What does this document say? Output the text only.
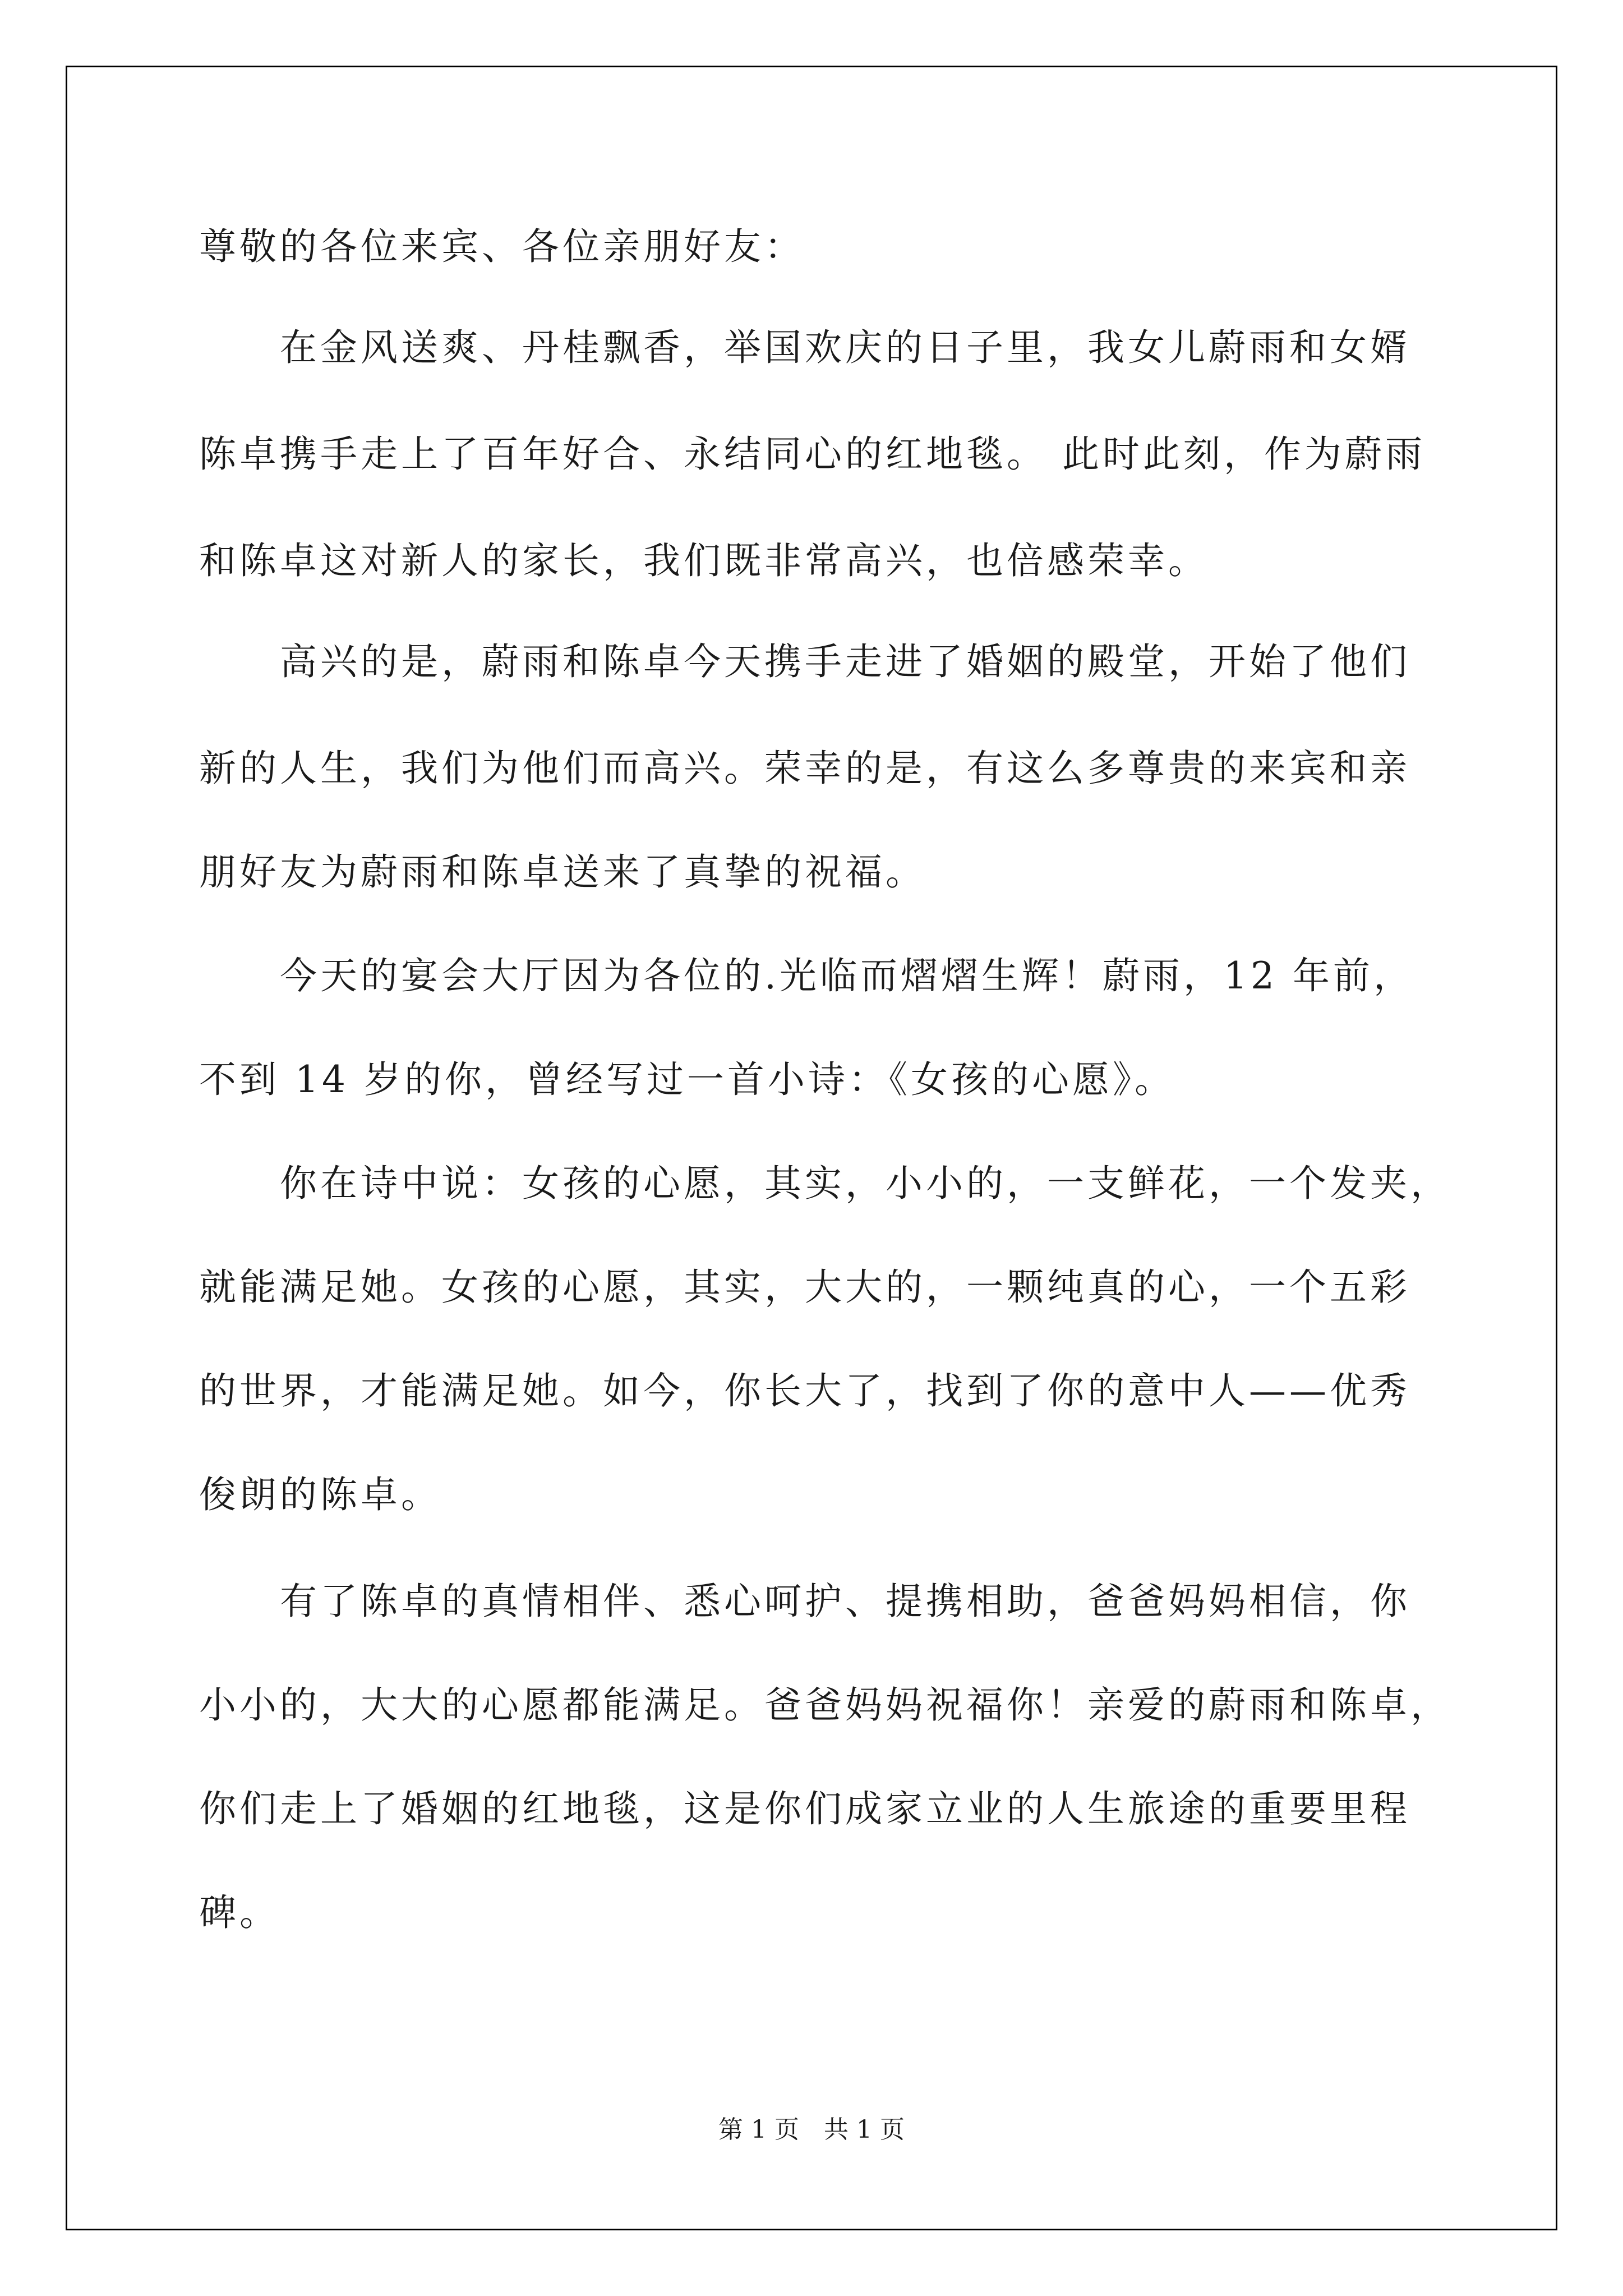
尊敬的各位来宾、各位亲朋好友：
　　在金风送爽、丹桂飘香，举国欢庆的日子里，我女儿蔚雨和女婿
陈卓携手走上了百年好合、永结同心的红地毯。 此时此刻，作为蔚雨
和陈卓这对新人的家长，我们既非常高兴，也倍感荣幸。
　　高兴的是，蔚雨和陈卓今天携手走进了婚姻的殿堂，开始了他们
新的人生，我们为他们而高兴。荣幸的是，有这么多尊贵的来宾和亲
朋好友为蔚雨和陈卓送来了真挚的祝福。
　　今天的宴会大厅因为各位的.光临而熠熠生辉！蔚雨，12 年前，
不到 14 岁的你，曾经写过一首小诗：《女孩的心愿》。
　　你在诗中说：女孩的心愿，其实，小小的，一支鲜花，一个发夹，
就能满足她。女孩的心愿，其实，大大的，一颗纯真的心，一个五彩
的世界，才能满足她。如今，你长大了，找到了你的意中人——优秀
俊朗的陈卓。
　　有了陈卓的真情相伴、悉心呵护、提携相助，爸爸妈妈相信，你
小小的，大大的心愿都能满足。爸爸妈妈祝福你！亲爱的蔚雨和陈卓，
你们走上了婚姻的红地毯，这是你们成家立业的人生旅途的重要里程
碑。
第 1 页　共 1 页
